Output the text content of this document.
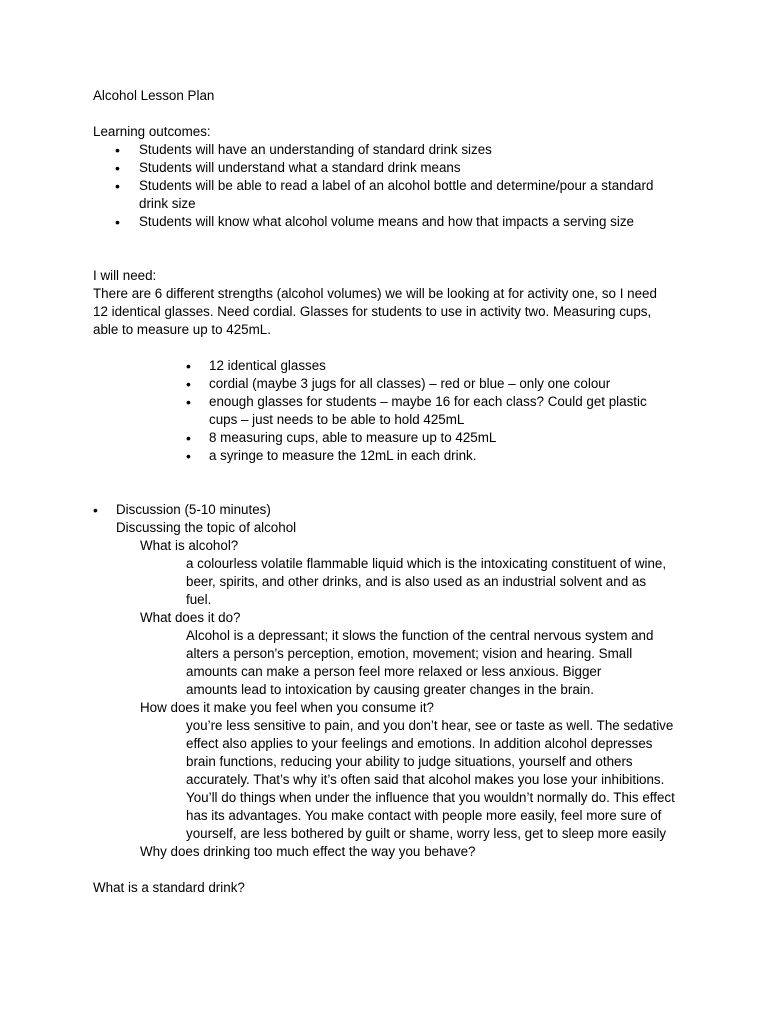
Alcohol Lesson Plan

Learning outcomes:

• Students will have an understanding of standard drink sizes
• Students will understand what a standard drink means
• Students will be able to read a label of an alcohol bottle and determine/pour a standard drink size
• Students will know what alcohol volume means and how that impacts a serving size

I will need:

There are 6 different strengths (alcohol volumes) we will be looking at for activity one, so I need 12 identical glasses. Need cordial. Glasses for students to use in activity two. Measuring cups, able to measure up to 425mL.

• 12 identical glasses
• cordial (maybe 3 jugs for all classes) – red or blue – only one colour
• enough glasses for students – maybe 16 for each class? Could get plastic cups – just needs to be able to hold 425mL
• 8 measuring cups, able to measure up to 425mL
• a syringe to measure the 12mL in each drink.

• Discussion (5-10 minutes)

Discussing the topic of alcohol

What is alcohol?

a colourless volatile flammable liquid which is the intoxicating constituent of wine, beer, spirits, and other drinks, and is also used as an industrial solvent and as fuel.

What does it do?

Alcohol is a depressant; it slows the function of the central nervous system and alters a person's perception, emotion, movement; vision and hearing. Small amounts can make a person feel more relaxed or less anxious. Bigger amounts lead to intoxication by causing greater changes in the brain.

How does it make you feel when you consume it?

you’re less sensitive to pain, and you don’t hear, see or taste as well. The sedative effect also applies to your feelings and emotions. In addition alcohol depresses brain functions, reducing your ability to judge situations, yourself and others accurately. That’s why it’s often said that alcohol makes you lose your inhibitions. You’ll do things when under the influence that you wouldn’t normally do. This effect has its advantages. You make contact with people more easily, feel more sure of yourself, are less bothered by guilt or shame, worry less, get to sleep more easily

Why does drinking too much effect the way you behave?

What is a standard drink?
